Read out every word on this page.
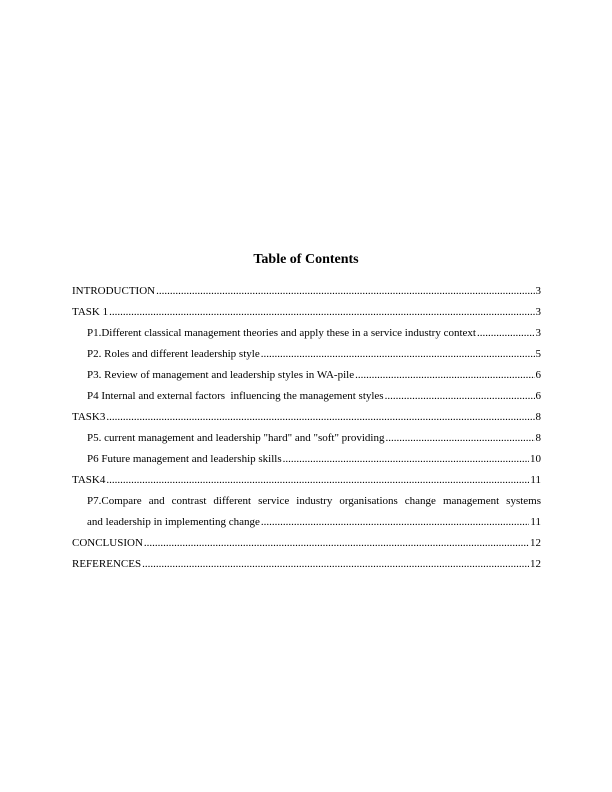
Table of Contents
INTRODUCTION .....	3
TASK 1 .....	3
P1.Different classical management theories and apply these in a service industry context .....	3
P2. Roles and different leadership style .....	5
P3. Review of management and leadership styles in WA-pile .....	6
P4 Internal and external factors  influencing the management styles .....	6
TASK3 .....	8
P5. current management and leadership "hard" and "soft" providing .....	8
P6 Future management and leadership skills .....	10
TASK4 .....	11
P7.Compare and contrast different service industry organisations change management systems
and leadership in implementing change .....	11
CONCLUSION .....	12
REFERENCES .....	12
